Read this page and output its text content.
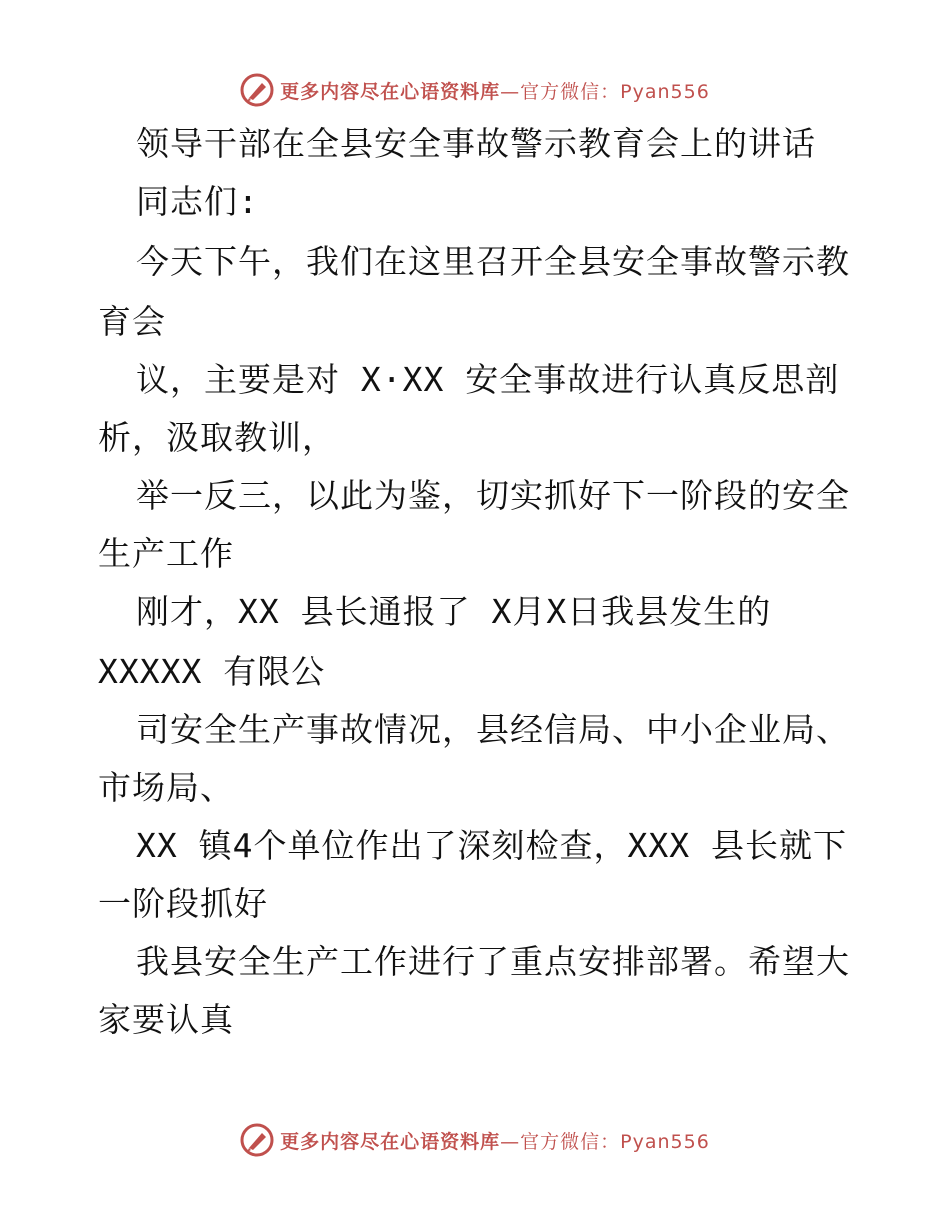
更多内容尽在心语资料库—官方微信：Pyan556
领导干部在全县安全事故警示教育会上的讲话
同志们:
今天下午，我们在这里召开全县安全事故警示教
育会
议，主要是对 X·XX 安全事故进行认真反思剖
析，汲取教训，
举一反三，以此为鉴，切实抓好下一阶段的安全
生产工作
刚才，XX 县长通报了 X月X日我县发生的
XXXXX 有限公
司安全生产事故情况，县经信局、中小企业局、
市场局、
XX 镇4个单位作出了深刻检查，XXX 县长就下
一阶段抓好
我县安全生产工作进行了重点安排部署。希望大
家要认真
更多内容尽在心语资料库—官方微信：Pyan556
